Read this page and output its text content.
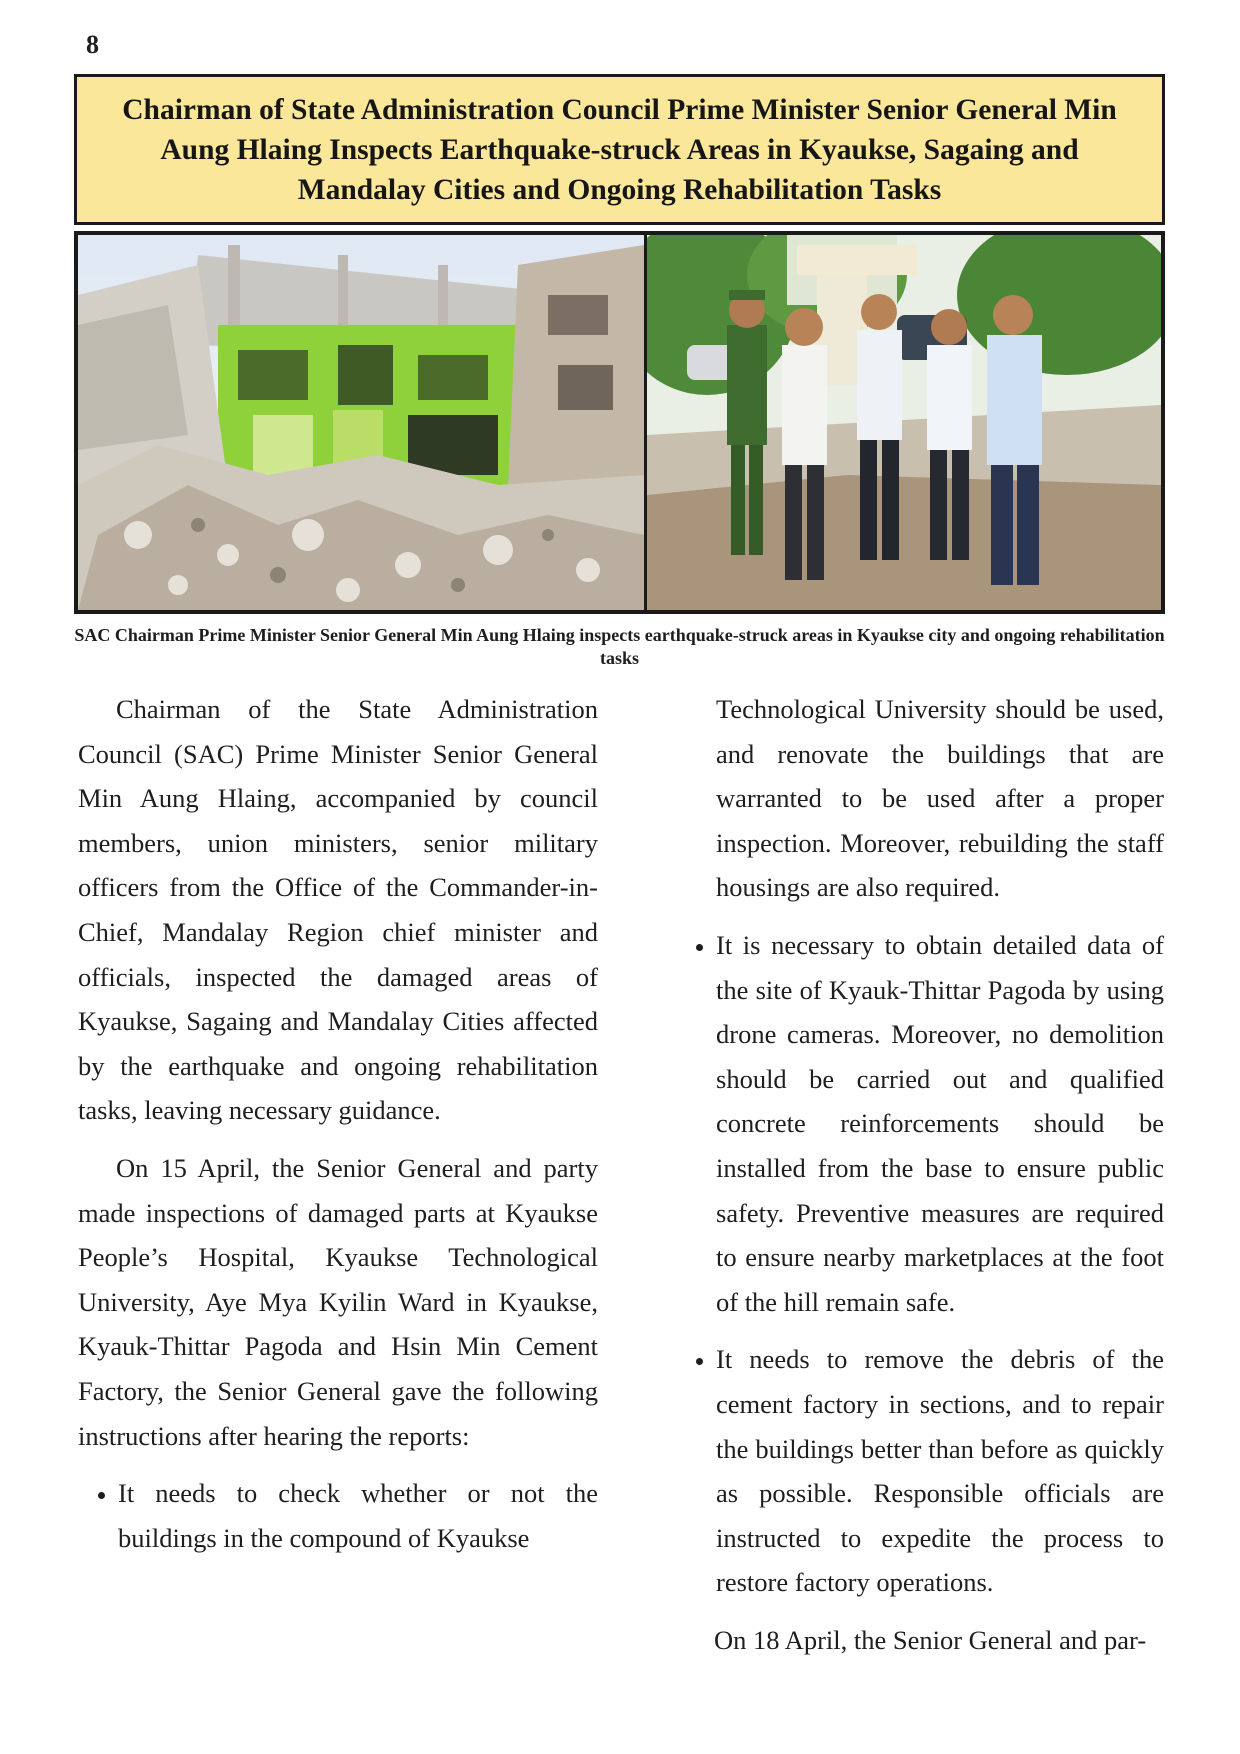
8
Chairman of State Administration Council Prime Minister Senior General Min Aung Hlaing Inspects Earthquake-struck Areas in Kyaukse, Sagaing and Mandalay Cities and Ongoing Rehabilitation Tasks
SAC Chairman Prime Minister Senior General Min Aung Hlaing inspects earthquake-struck areas in Kyaukse city and ongoing rehabilitation tasks

Chairman of the State Administration Council (SAC) Prime Minister Senior General Min Aung Hlaing, accompanied by council members, union ministers, senior military officers from the Office of the Commander-in-Chief, Mandalay Region chief minister and officials, inspected the damaged areas of Kyaukse, Sagaing and Mandalay Cities affected by the earthquake and ongoing rehabilitation tasks, leaving necessary guidance.

On 15 April, the Senior General and party made inspections of damaged parts at Kyaukse People’s Hospital, Kyaukse Technological University, Aye Mya Kyilin Ward in Kyaukse, Kyauk-Thittar Pagoda and Hsin Min Cement Factory, the Senior General gave the following instructions after hearing the reports:

• It needs to check whether or not the buildings in the compound of Kyaukse
Technological University should be used, and renovate the buildings that are warranted to be used after a proper inspection. Moreover, rebuilding the staff housings are also required.
• It is necessary to obtain detailed data of the site of Kyauk-Thittar Pagoda by using drone cameras. Moreover, no demolition should be carried out and qualified concrete reinforcements should be installed from the base to ensure public safety. Preventive measures are required to ensure nearby marketplaces at the foot of the hill remain safe.
• It needs to remove the debris of the cement factory in sections, and to repair the buildings better than before as quickly as possible. Responsible officials are instructed to expedite the process to restore factory operations.

On 18 April, the Senior General and par-
